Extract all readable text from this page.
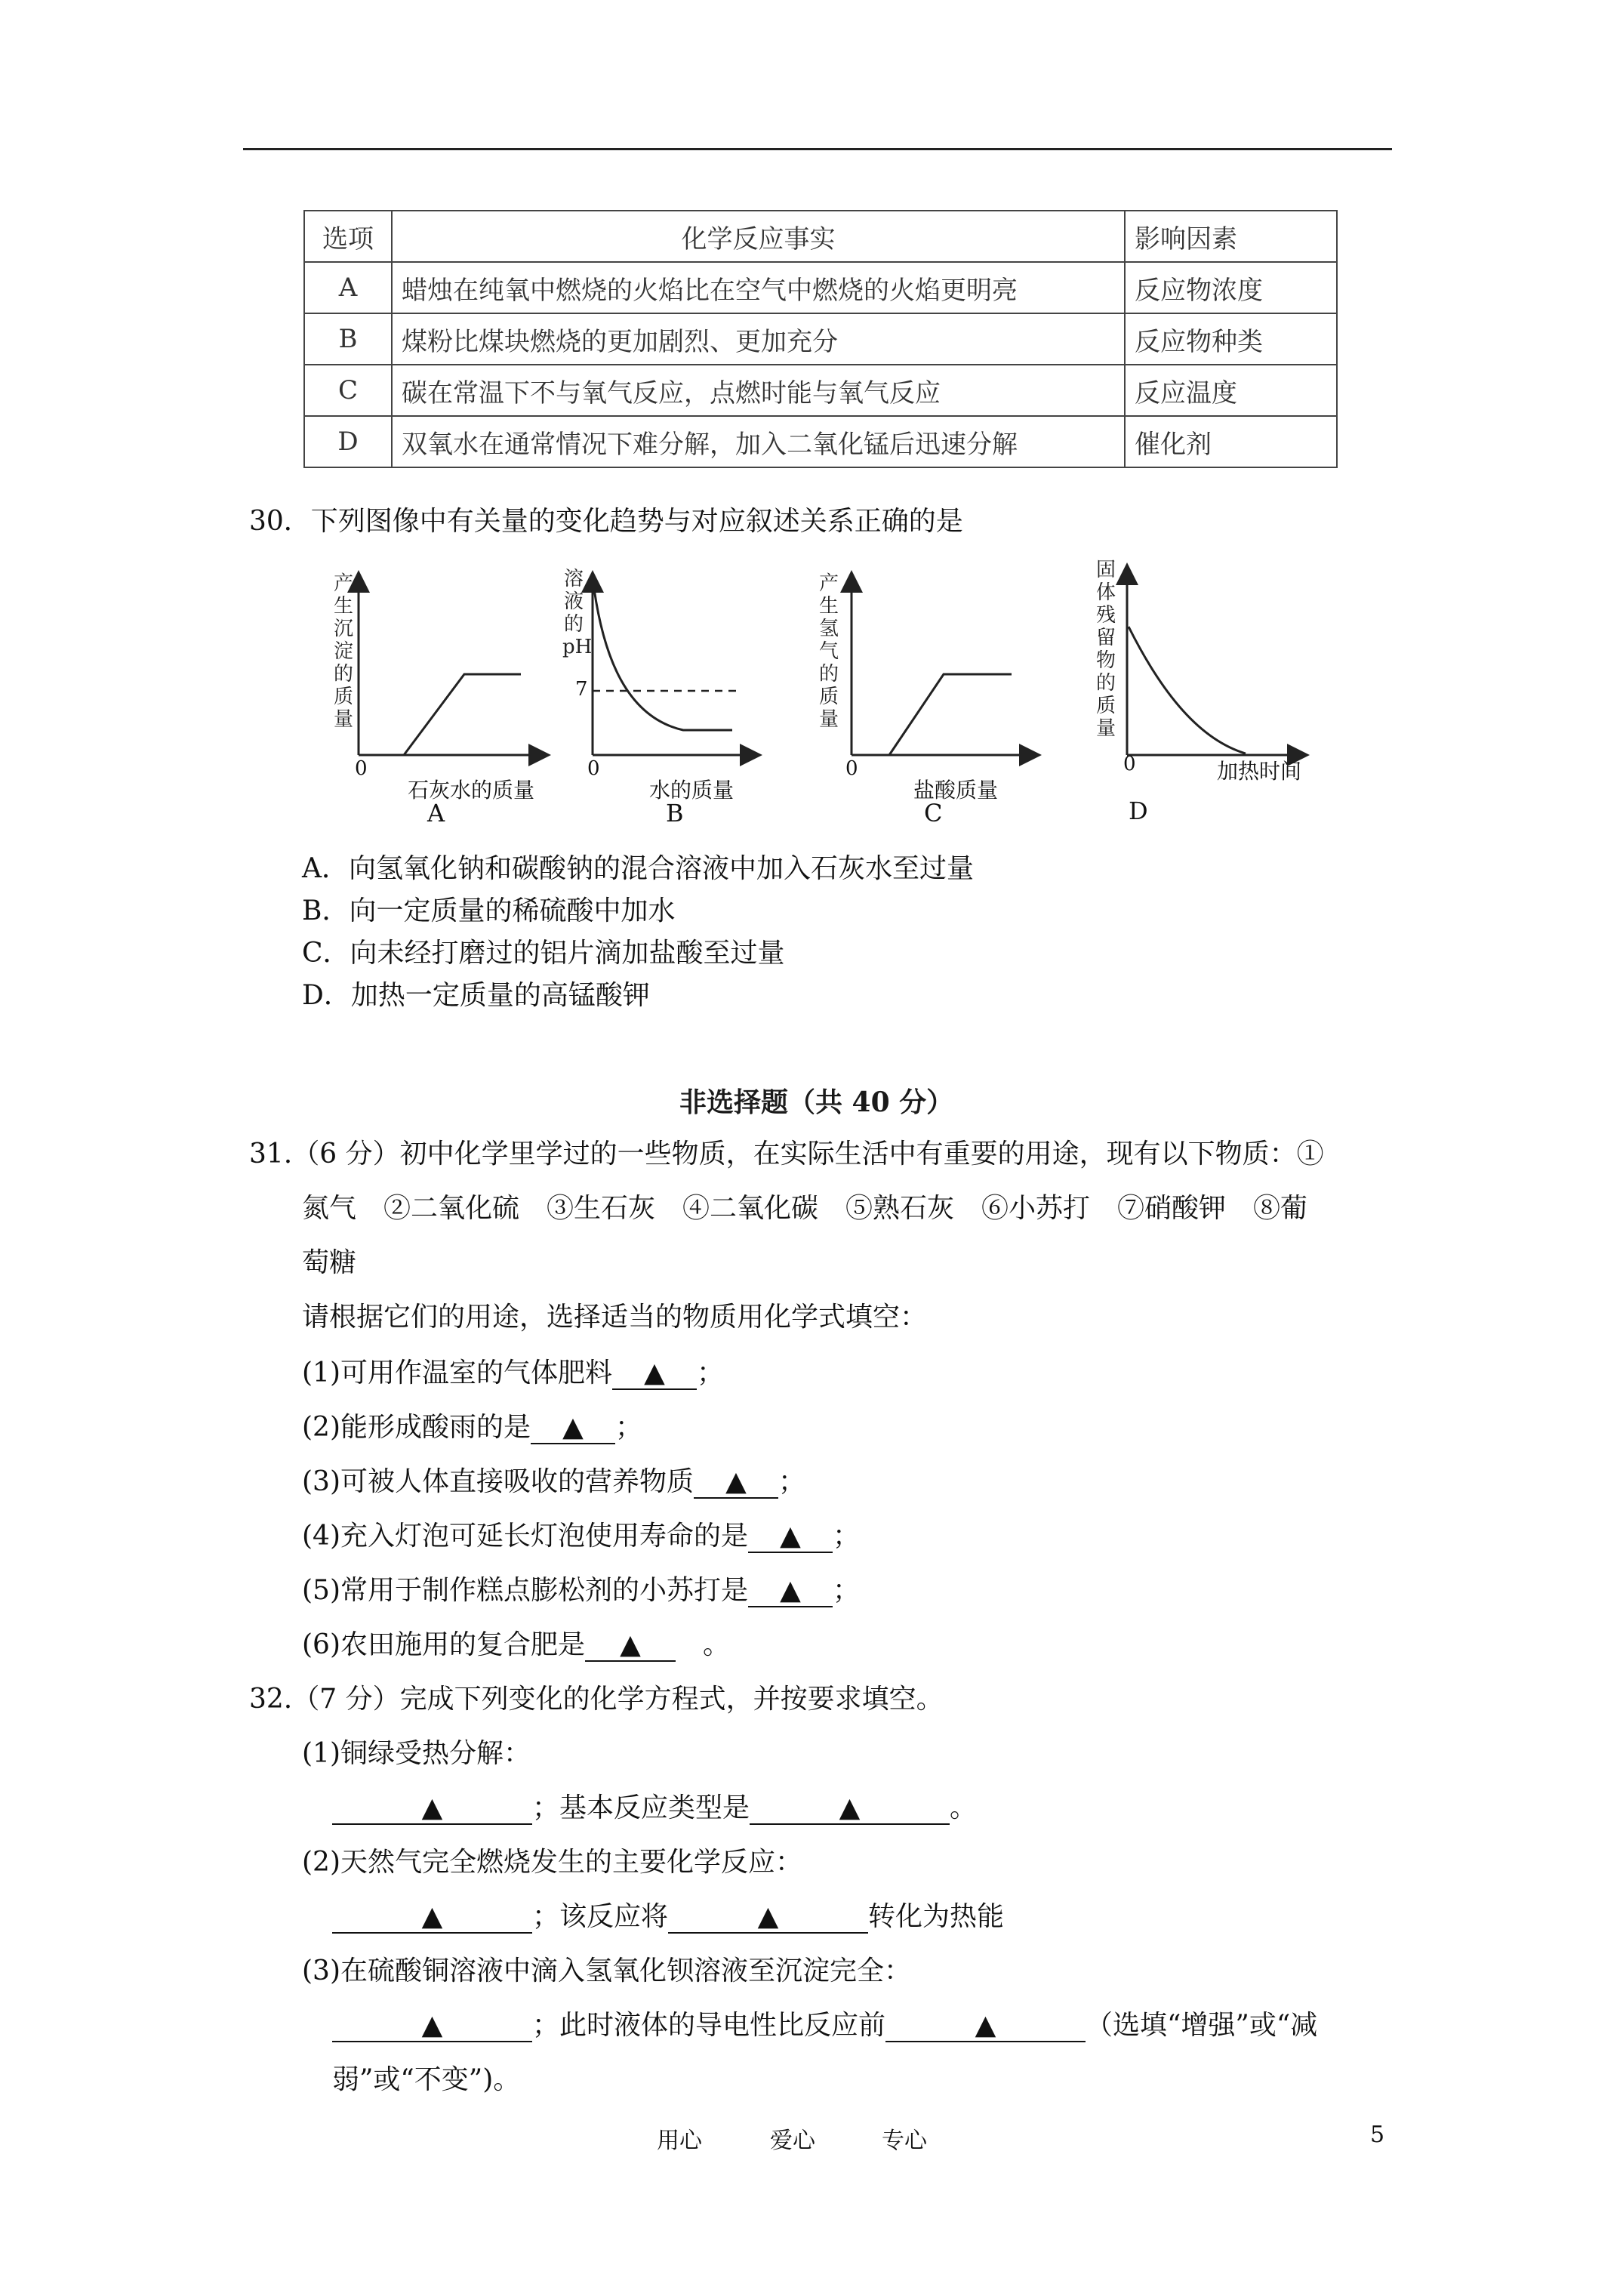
选项	化学反应事实	影响因素
A	蜡烛在纯氧中燃烧的火焰比在空气中燃烧的火焰更明亮	反应物浓度
B	煤粉比煤块燃烧的更加剧烈、更加充分	反应物种类
C	碳在常温下不与氧气反应，点燃时能与氧气反应	反应温度
D	双氧水在通常情况下难分解，加入二氧化锰后迅速分解	催化剂
30．下列图像中有关量的变化趋势与对应叙述关系正确的是
产生沉淀的质量
0
石灰水的质量
A
溶液的pH
7
0
水的质量
B
产生氢气的质量
0
盐酸质量
C
固体残留物的质量
0	加热时间
D
A．向氢氧化钠和碳酸钠的混合溶液中加入石灰水至过量
B．向一定质量的稀硫酸中加水
C．向未经打磨过的铝片滴加盐酸至过量
D．加热一定质量的高锰酸钾
非选择题（共 40 分）
31.（6 分）初中化学里学过的一些物质，在实际生活中有重要的用途，现有以下物质：①
氮气　②二氧化硫　③生石灰　④二氧化碳　⑤熟石灰　⑥小苏打　⑦硝酸钾　⑧葡
萄糖
请根据它们的用途，选择适当的物质用化学式填空：
(1)可用作温室的气体肥料 ▲ ；
(2)能形成酸雨的是 ▲ ；
(3)可被人体直接吸收的营养物质 ▲ ；
(4)充入灯泡可延长灯泡使用寿命的是 ▲ ；
(5)常用于制作糕点膨松剂的小苏打是 ▲ ；
(6)农田施用的复合肥是 ▲　。
32.（7 分）完成下列变化的化学方程式，并按要求填空。
(1)铜绿受热分解：
▲	；基本反应类型是	▲	。
(2)天然气完全燃烧发生的主要化学反应：
▲	；该反应将	▲	转化为热能
(3)在硫酸铜溶液中滴入氢氧化钡溶液至沉淀完全：
▲	；此时液体的导电性比反应前	▲	（选填“增强”或“减
弱”或“不变”)。
用心	爱心	专心	5
